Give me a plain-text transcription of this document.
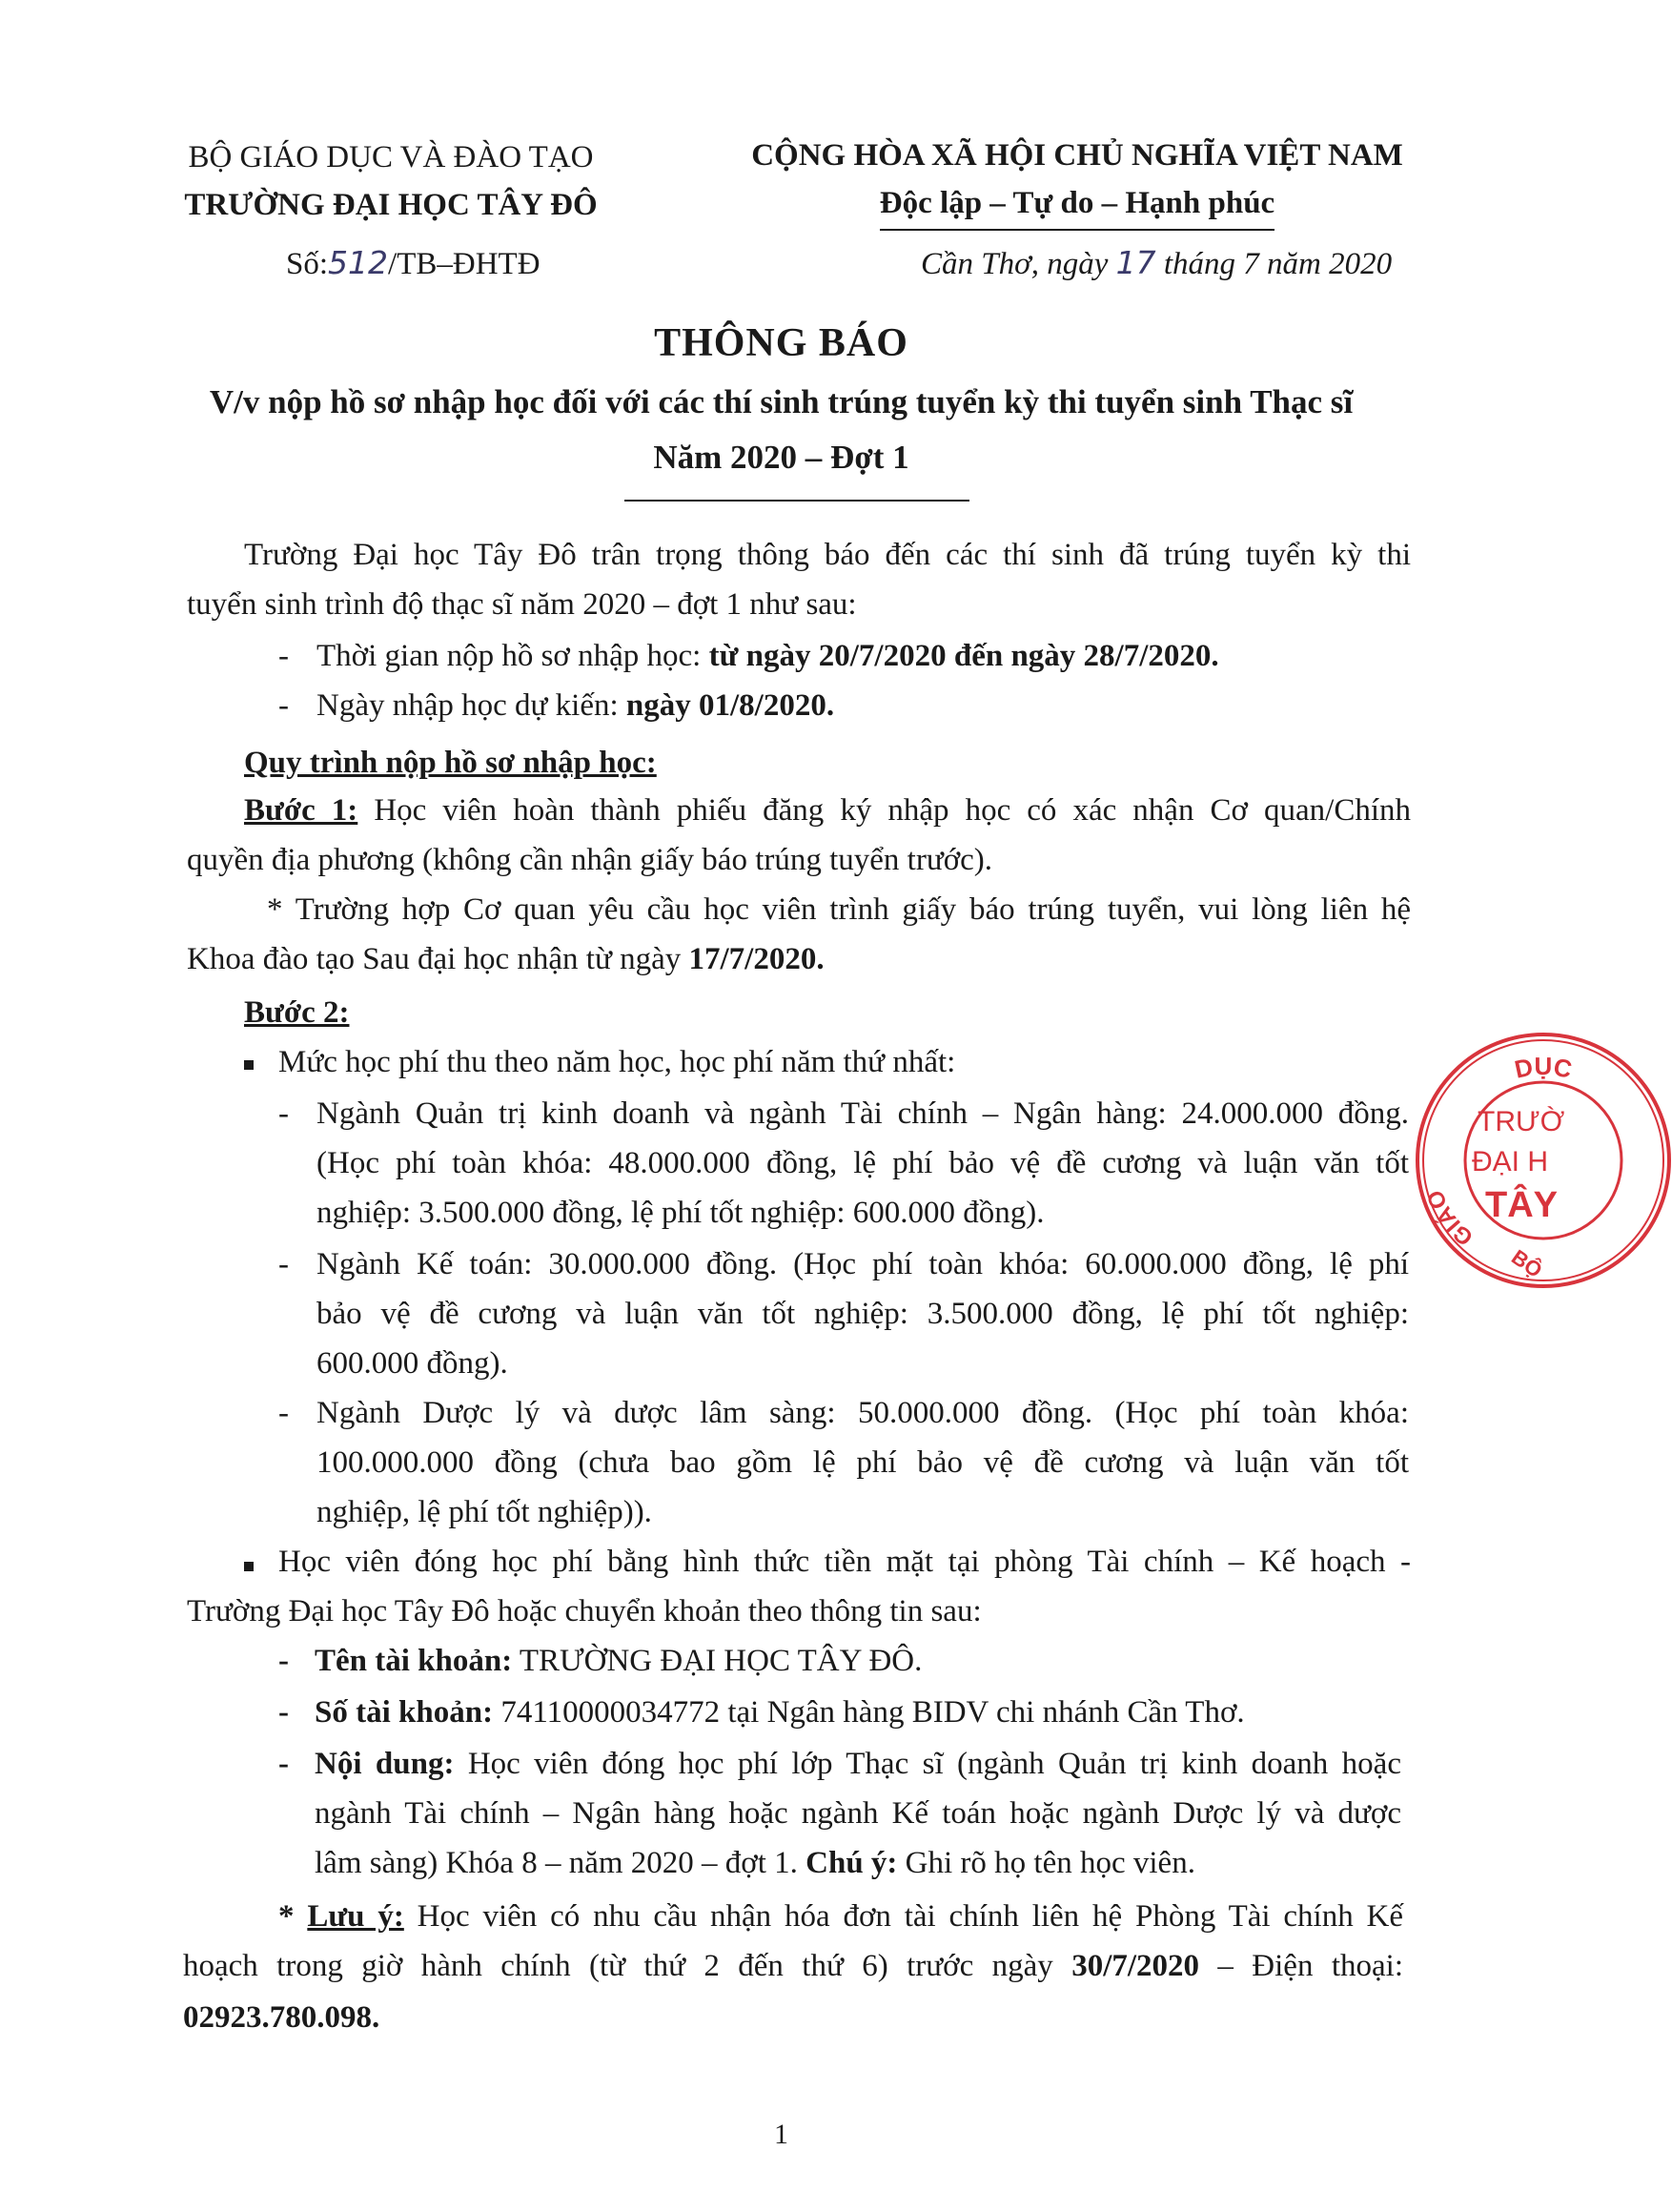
BỘ GIÁO DỤC VÀ ĐÀO TẠO
TRƯỜNG ĐẠI HỌC TÂY ĐÔ
Số:512/TB–ĐHTĐ
CỘNG HÒA XÃ HỘI CHỦ NGHĨA VIỆT NAM
Độc lập – Tự do – Hạnh phúc
Cần Thơ, ngày 17 tháng 7 năm 2020
THÔNG BÁO
V/v nộp hồ sơ nhập học đối với các thí sinh trúng tuyển kỳ thi tuyển sinh Thạc sĩ
Năm 2020 – Đợt 1
Trường Đại học Tây Đô trân trọng thông báo đến các thí sinh đã trúng tuyển kỳ thi
tuyển sinh trình độ thạc sĩ năm 2020 – đợt 1 như sau:
- Thời gian nộp hồ sơ nhập học: từ ngày 20/7/2020 đến ngày 28/7/2020.
- Ngày nhập học dự kiến: ngày 01/8/2020.
Quy trình nộp hồ sơ nhập học:
Bước 1: Học viên hoàn thành phiếu đăng ký nhập học có xác nhận Cơ quan/Chính
quyền địa phương (không cần nhận giấy báo trúng tuyển trước).
* Trường hợp Cơ quan yêu cầu học viên trình giấy báo trúng tuyển, vui lòng liên hệ
Khoa đào tạo Sau đại học nhận từ ngày 17/7/2020.
Bước 2:
Mức học phí thu theo năm học, học phí năm thứ nhất:
- Ngành Quản trị kinh doanh và ngành Tài chính – Ngân hàng: 24.000.000 đồng.
(Học phí toàn khóa: 48.000.000 đồng, lệ phí bảo vệ đề cương và luận văn tốt
nghiệp: 3.500.000 đồng, lệ phí tốt nghiệp: 600.000 đồng).
- Ngành Kế toán: 30.000.000 đồng. (Học phí toàn khóa: 60.000.000 đồng, lệ phí
bảo vệ đề cương và luận văn tốt nghiệp: 3.500.000 đồng, lệ phí tốt nghiệp:
600.000 đồng).
- Ngành Dược lý và dược lâm sàng: 50.000.000 đồng. (Học phí toàn khóa:
100.000.000 đồng (chưa bao gồm lệ phí bảo vệ đề cương và luận văn tốt
nghiệp, lệ phí tốt nghiệp)).
Học viên đóng học phí bằng hình thức tiền mặt tại phòng Tài chính – Kế hoạch -
Trường Đại học Tây Đô hoặc chuyển khoản theo thông tin sau:
- Tên tài khoản: TRƯỜNG ĐẠI HỌC TÂY ĐÔ.
- Số tài khoản: 74110000034772 tại Ngân hàng BIDV chi nhánh Cần Thơ.
- Nội dung: Học viên đóng học phí lớp Thạc sĩ (ngành Quản trị kinh doanh hoặc
ngành Tài chính – Ngân hàng hoặc ngành Kế toán hoặc ngành Dược lý và dược
lâm sàng) Khóa 8 – năm 2020 – đợt 1. Chú ý: Ghi rõ họ tên học viên.
* Lưu ý: Học viên có nhu cầu nhận hóa đơn tài chính liên hệ Phòng Tài chính Kế
hoạch trong giờ hành chính (từ thứ 2 đến thứ 6) trước ngày 30/7/2020 – Điện thoại:
02923.780.098.
DỤC
GIÁO
BỘ
TRƯỜ
ĐẠI H
TÂY
1
